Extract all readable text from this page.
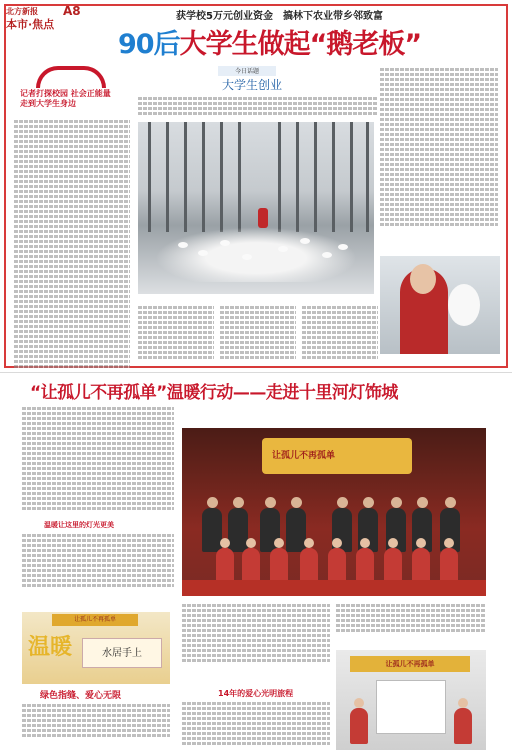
北方新报 A8
本市·焦点
获学校5万元创业资金　搞林下农业带乡邻致富
90后大学生做起“鹅老板”
记者打探校园 社会正能量
走到大学生身边
今日话题
大学生创业
“让孤儿不再孤单”温暖行动——走进十里河灯饰城
温暖让这里的灯光更美
让孤儿不再孤单
让孤儿不再孤单
温暖	水居手上
绿色指缝、爱心无限	14年的爱心光明旅程
让孤儿不再孤单
